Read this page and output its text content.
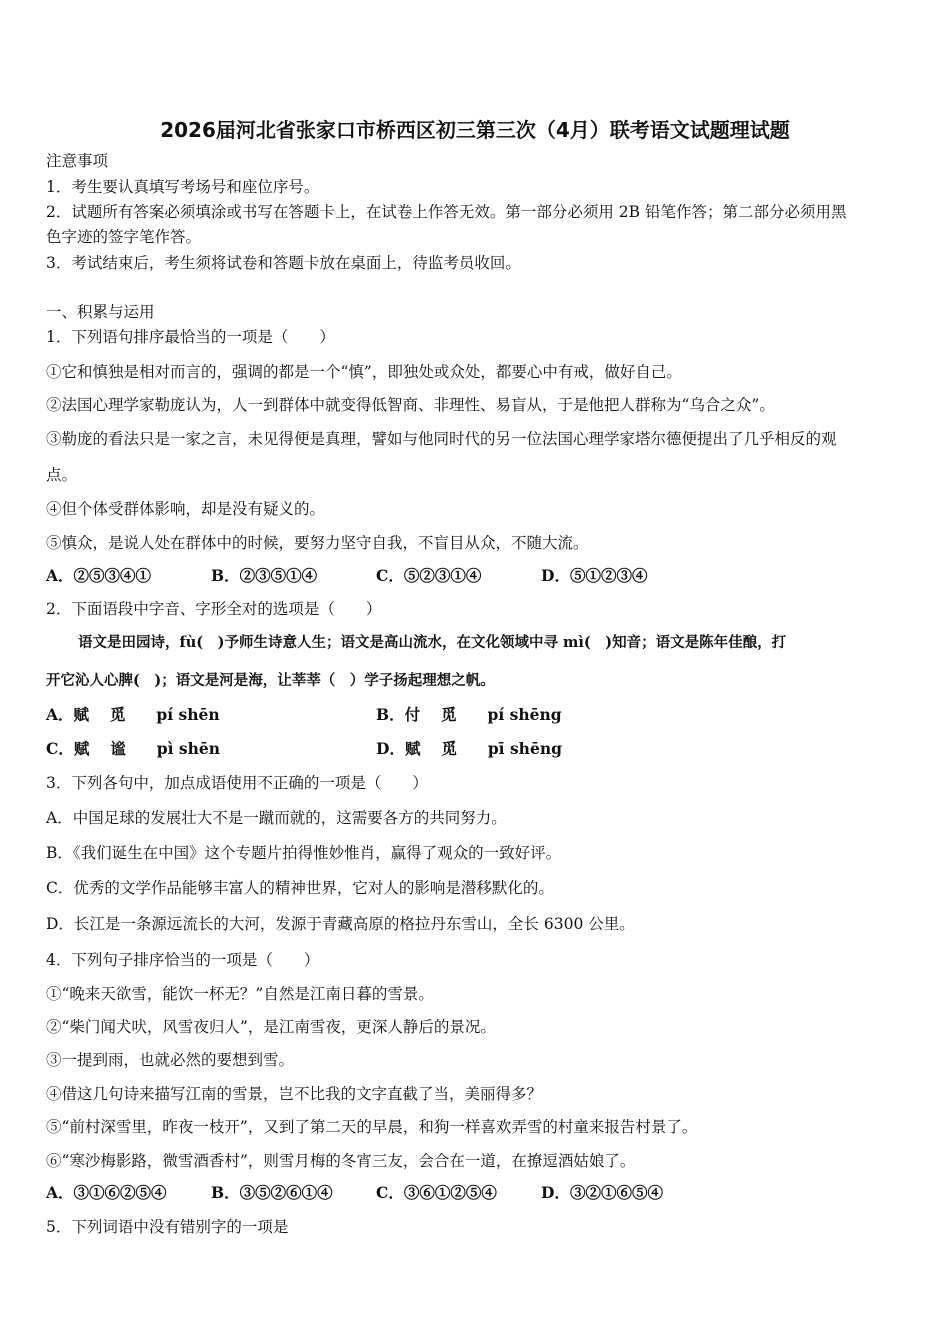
2026届河北省张家口市桥西区初三第三次（4月）联考语文试题理试题
注意事项
1．考生要认真填写考场号和座位序号。
2．试题所有答案必须填涂或书写在答题卡上，在试卷上作答无效。第一部分必须用 2B 铅笔作答；第二部分必须用黑
色字迹的签字笔作答。
3．考试结束后，考生须将试卷和答题卡放在桌面上，待监考员收回。
一、积累与运用
1．下列语句排序最恰当的一项是（　　）
①它和慎独是相对而言的，强调的都是一个“慎”，即独处或众处，都要心中有戒，做好自己。
②法国心理学家勒庞认为，人一到群体中就变得低智商、非理性、易盲从，于是他把人群称为“乌合之众”。
③勒庞的看法只是一家之言，未见得便是真理，譬如与他同时代的另一位法国心理学家塔尔德便提出了几乎相反的观
点。
④但个体受群体影响，却是没有疑义的。
⑤慎众，是说人处在群体中的时候，要努力坚守自我，不盲目从众，不随大流。
A．②⑤③④①	B．②③⑤①④	C．⑤②③①④	D．⑤①②③④
2．下面语段中字音、字形全对的选项是（　　）
语文是田园诗，fù(　)予师生诗意人生；语文是高山流水，在文化领域中寻 mì(　)知音；语文是陈年佳酿，打
开它沁人心脾(　)；语文是河是海，让莘莘（　）学子扬起理想之帆。
A．赋　 觅　　pí shēn	B．付　 觅　　pí shēng
C．赋　 谧　　pì shēn	D．赋　 觅　　pī shēng
3．下列各句中，加点成语使用不正确的一项是（　　）
A．中国足球的发展壮大不是一蹴而就的，这需要各方的共同努力。
B．《我们诞生在中国》这个专题片拍得惟妙惟肖，赢得了观众的一致好评。
C．优秀的文学作品能够丰富人的精神世界，它对人的影响是潜移默化的。
D．长江是一条源远流长的大河，发源于青藏高原的格拉丹东雪山，全长 6300 公里。
4．下列句子排序恰当的一项是（　　）
①“晚来天欲雪，能饮一杯无？”自然是江南日暮的雪景。
②“柴门闻犬吠，风雪夜归人”，是江南雪夜，更深人静后的景况。
③一提到雨，也就必然的要想到雪。
④借这几句诗来描写江南的雪景，岂不比我的文字直截了当，美丽得多？
⑤“前村深雪里，昨夜一枝开”，又到了第二天的早晨，和狗一样喜欢弄雪的村童来报告村景了。
⑥“寒沙梅影路，微雪酒香村”，则雪月梅的冬宵三友，会合在一道，在撩逗酒姑娘了。
A．③①⑥②⑤④	B．③⑤②⑥①④	C．③⑥①②⑤④	D．③②①⑥⑤④
5．下列词语中没有错别字的一项是
